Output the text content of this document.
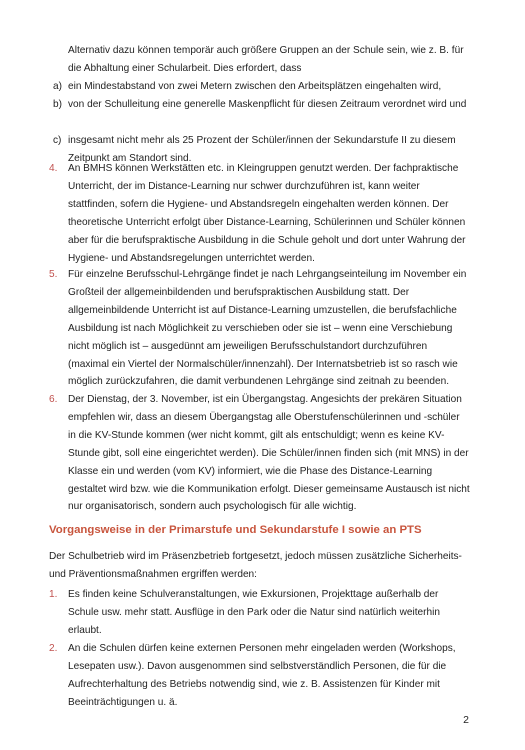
Alternativ dazu können temporär auch größere Gruppen an der Schule sein, wie z. B. für die Abhaltung einer Schularbeit. Dies erfordert, dass

a) ein Mindestabstand von zwei Metern zwischen den Arbeitsplätzen eingehalten wird,

b) von der Schulleitung eine generelle Maskenpflicht für diesen Zeitraum verordnet wird und

c) insgesamt nicht mehr als 25 Prozent der Schüler/innen der Sekundarstufe II zu diesem Zeitpunkt am Standort sind.

4. An BMHS können Werkstätten etc. in Kleingruppen genutzt werden. Der fachpraktische Unterricht, der im Distance-Learning nur schwer durchzuführen ist, kann weiter stattfinden, sofern die Hygiene- und Abstandsregeln eingehalten werden können. Der theoretische Unterricht erfolgt über Distance-Learning, Schülerinnen und Schüler können aber für die berufspraktische Ausbildung in die Schule geholt und dort unter Wahrung der Hygiene- und Abstandsregelungen unterrichtet werden.

5. Für einzelne Berufsschul-Lehrgänge findet je nach Lehrgangseinteilung im November ein Großteil der allgemeinbildenden und berufspraktischen Ausbildung statt. Der allgemeinbildende Unterricht ist auf Distance-Learning umzustellen, die berufsfachliche Ausbildung ist nach Möglichkeit zu verschieben oder sie ist – wenn eine Verschiebung nicht möglich ist – ausgedünnt am jeweiligen Berufsschulstandort durchzuführen (maximal ein Viertel der Normalschüler/innenzahl). Der Internatsbetrieb ist so rasch wie möglich zurückzufahren, die damit verbundenen Lehrgänge sind zeitnah zu beenden.

6. Der Dienstag, der 3. November, ist ein Übergangstag. Angesichts der prekären Situation empfehlen wir, dass an diesem Übergangstag alle Oberstufenschülerinnen und -schüler in die KV-Stunde kommen (wer nicht kommt, gilt als entschuldigt; wenn es keine KV-Stunde gibt, soll eine eingerichtet werden). Die Schüler/innen finden sich (mit MNS) in der Klasse ein und werden (vom KV) informiert, wie die Phase des Distance-Learning gestaltet wird bzw. wie die Kommunikation erfolgt. Dieser gemeinsame Austausch ist nicht nur organisatorisch, sondern auch psychologisch für alle wichtig.

Vorgangsweise in der Primarstufe und Sekundarstufe I sowie an PTS

Der Schulbetrieb wird im Präsenzbetrieb fortgesetzt, jedoch müssen zusätzliche Sicherheits- und Präventionsmaßnahmen ergriffen werden:

1. Es finden keine Schulveranstaltungen, wie Exkursionen, Projekttage außerhalb der Schule usw. mehr statt. Ausflüge in den Park oder die Natur sind natürlich weiterhin erlaubt.

2. An die Schulen dürfen keine externen Personen mehr eingeladen werden (Workshops, Lesepaten usw.). Davon ausgenommen sind selbstverständlich Personen, die für die Aufrechterhaltung des Betriebs notwendig sind, wie z. B. Assistenzen für Kinder mit Beeinträchtigungen u. ä.

2
